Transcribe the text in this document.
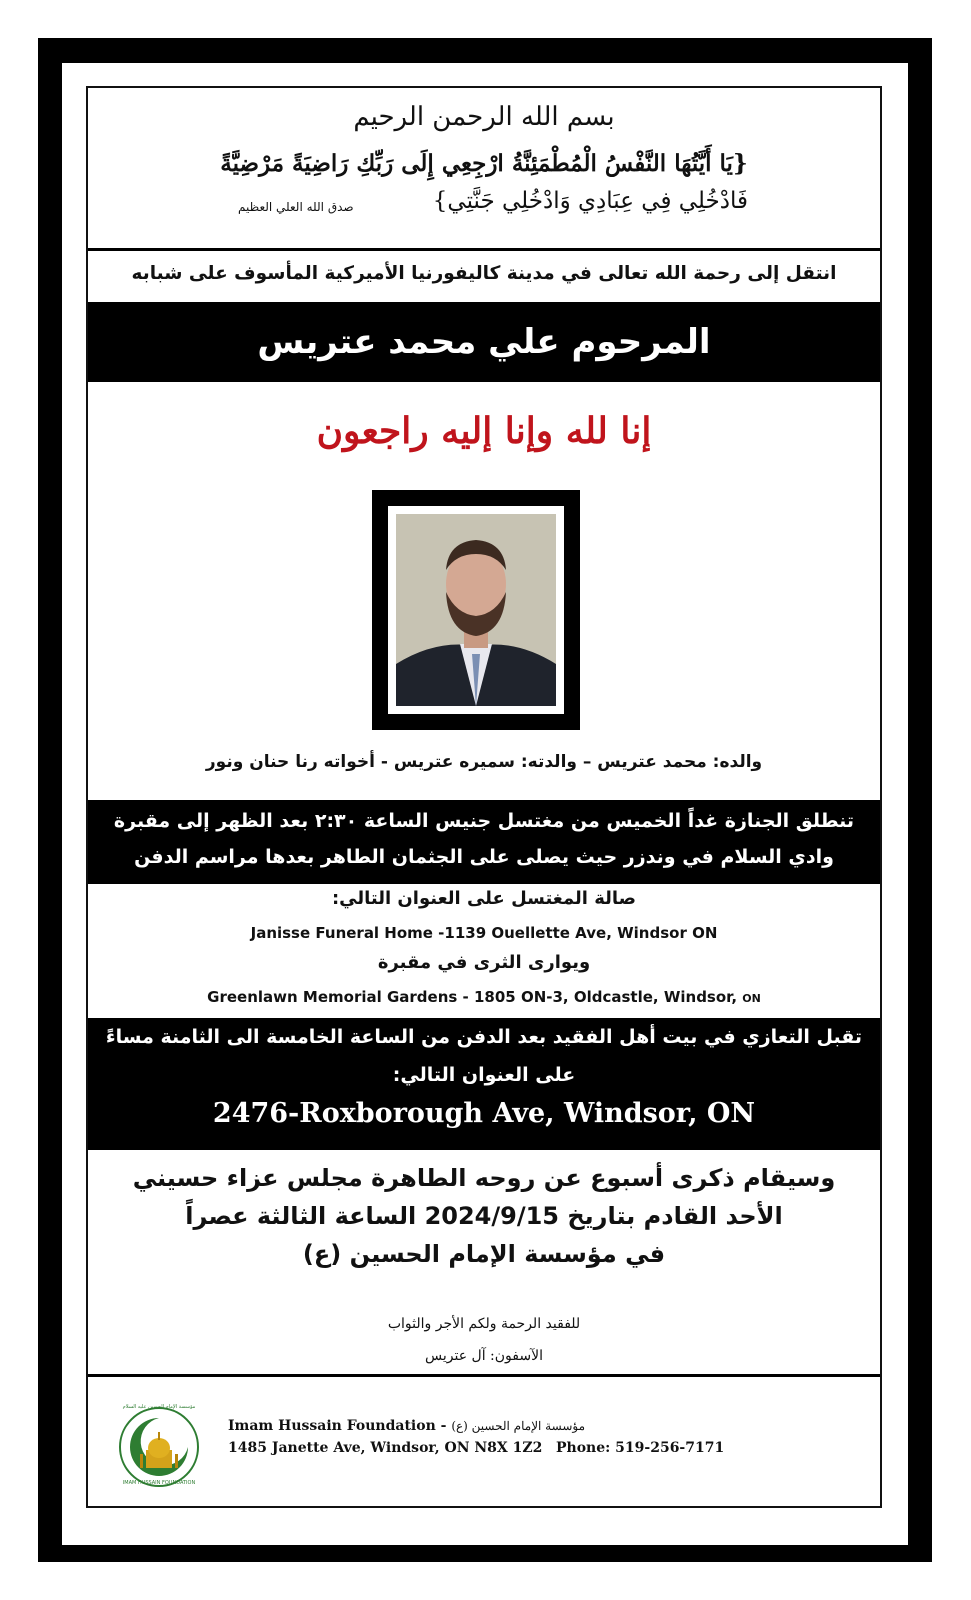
بسم الله الرحمن الرحيم
{يَا أَيَّتُهَا النَّفْسُ الْمُطْمَئِنَّةُ ارْجِعِي إِلَى رَبِّكِ رَاضِيَةً مَرْضِيَّةً
فَادْخُلِي فِي عِبَادِي وَادْخُلِي جَنَّتِي}
صدق الله العلي العظيم
انتقل إلى رحمة الله تعالى في مدينة كاليفورنيا الأميركية المأسوف على شبابه
المرحوم علي محمد عتريس
إنا لله وإنا إليه راجعون
والده: محمد عتريس – والدته: سميره عتريس - أخواته رنا حنان ونور
تنطلق الجنازة غداً الخميس من مغتسل جنيس الساعة ٢:٣٠ بعد الظهر إلى مقبرة
وادي السلام في وندزر حيث يصلى على الجثمان الطاهر بعدها مراسم الدفن
صالة المغتسل على العنوان التالي:
Janisse Funeral Home -1139 Ouellette Ave, Windsor ON
ويوارى الثرى في مقبرة
Greenlawn Memorial Gardens - 1805 ON-3, Oldcastle, Windsor, ON
تقبل التعازي في بيت أهل الفقيد بعد الدفن من الساعة الخامسة الى الثامنة مساءً
على العنوان التالي:
2476-Roxborough Ave, Windsor, ON
وسيقام ذكرى أسبوع عن روحه الطاهرة مجلس عزاء حسيني
الأحد القادم بتاريخ 2024/9/15 الساعة الثالثة عصراً
في مؤسسة الإمام الحسين (ع)
للفقيد الرحمة ولكم الأجر والثواب
الآسفون: آل عتريس
مؤسسة الإمام الحسين عليه السلام
IMAM HUSSAIN FOUNDATION
Imam Hussain Foundation - مؤسسة الإمام الحسين (ع)
1485 Janette Ave, Windsor, ON N8X 1Z2 Phone: 519-256-7171
